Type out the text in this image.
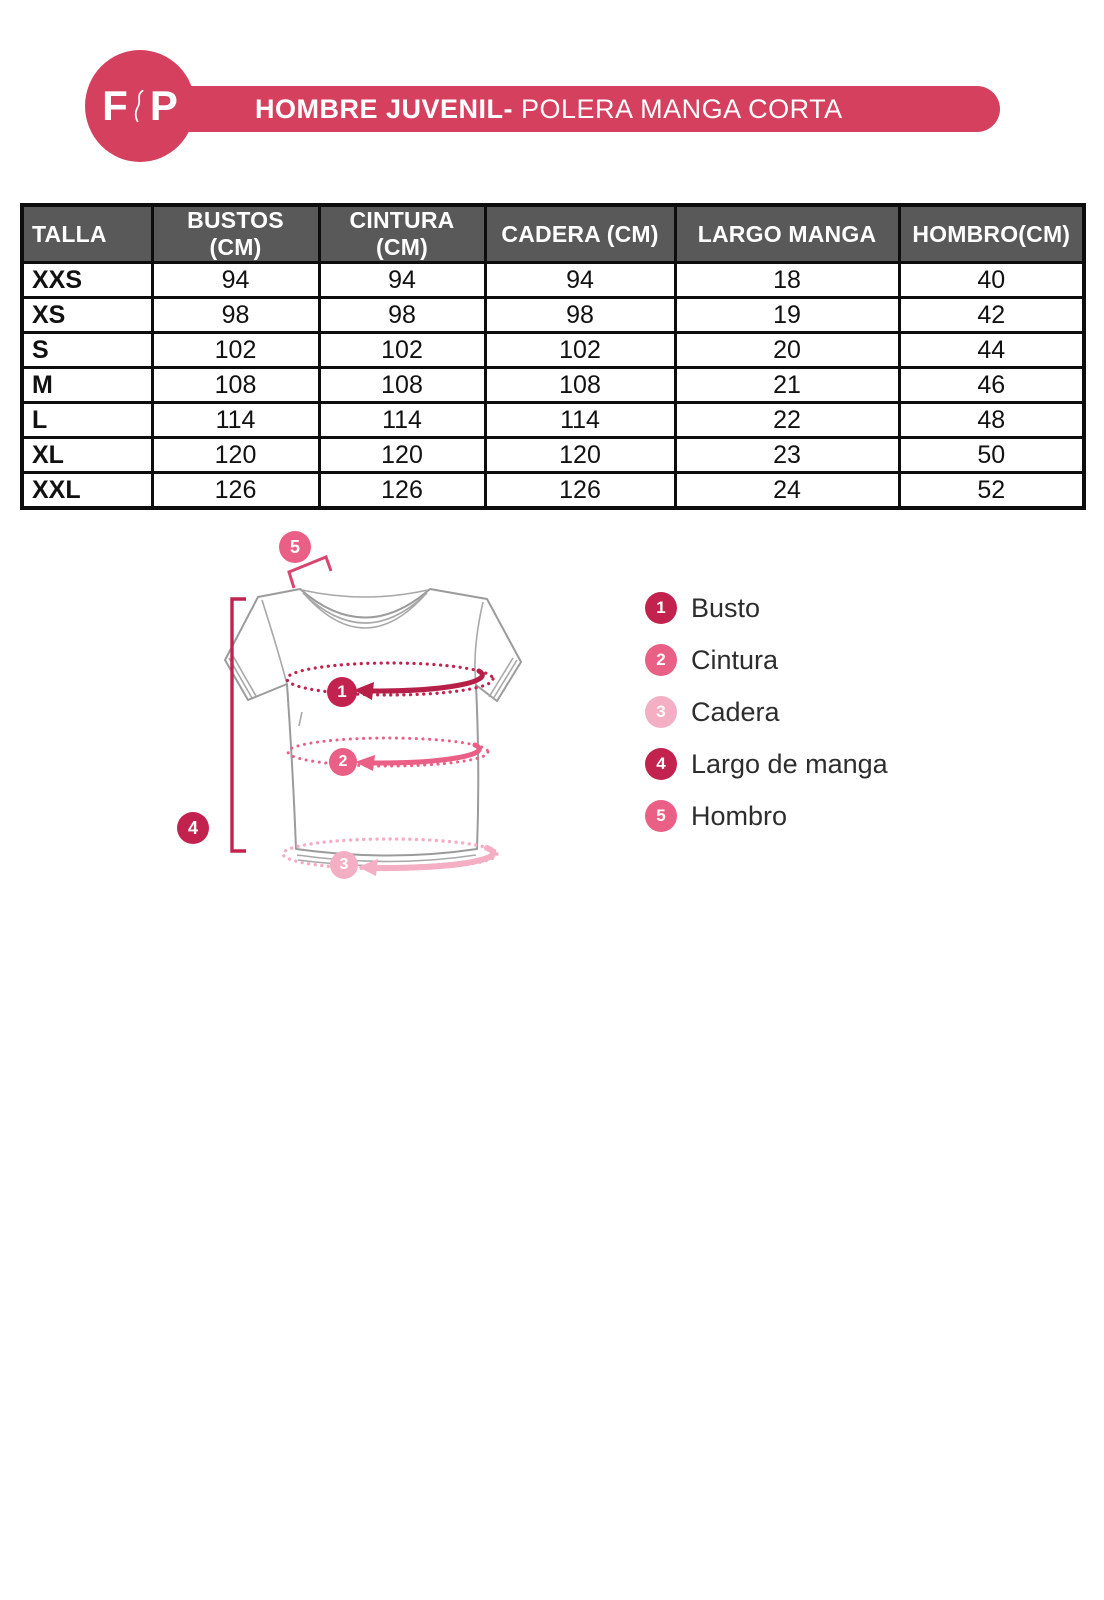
F P	HOMBRE JUVENIL- POLERA MANGA CORTA
TALLA	BUSTOS (CM)	CINTURA (CM)	CADERA (CM)	LARGO MANGA	HOMBRO(CM)
XXS	94	94	94	18	40
XS	98	98	98	19	42
S	102	102	102	20	44
M	108	108	108	21	46
L	114	114	114	22	48
XL	120	120	120	23	50
XXL	126	126	126	24	52
1
2
3
4
5
1 Busto
2 Cintura
3 Cadera
4 Largo de manga
5 Hombro
